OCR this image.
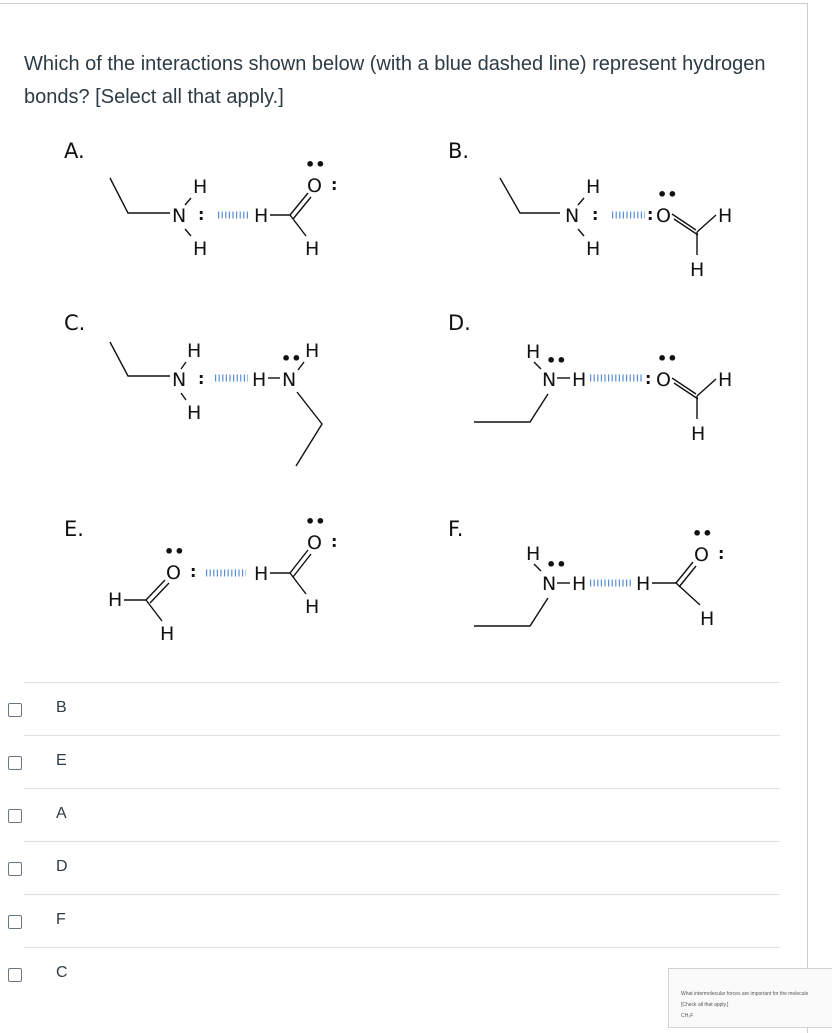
Which of the interactions shown below (with a blue dashed line) represent hydrogen bonds? [Select all that apply.]
A.
H
N :
H
H
O
••
:
H
B.
H
N :
H
:
••
O H
H
C.
H
N :
H
H N
•• H
D.
H
N
••
H	:
••
O H
H
E.
H
H
O
••
:	H
H
O
••
:
F.
H
N
••
H	H
H
O
••
:
B
E
A
D
F
C
What intermolecular forces are important for the molecule
[Check all that apply.]
CH₃F
